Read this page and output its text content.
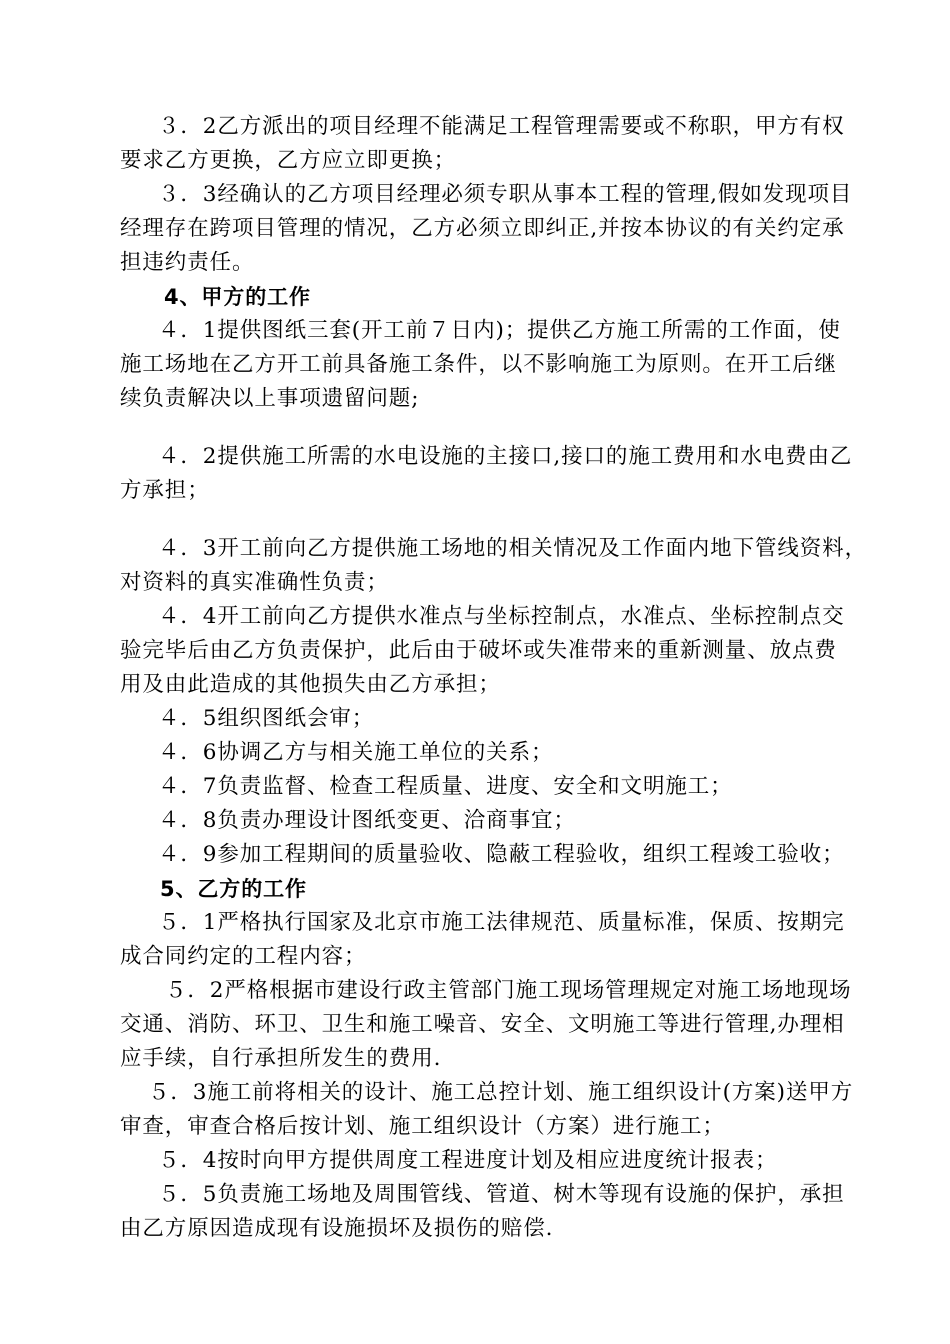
３．2乙方派出的项目经理不能满足工程管理需要或不称职，甲方有权
要求乙方更换，乙方应立即更换；
３．3经确认的乙方项目经理必须专职从事本工程的管理,假如发现项目
经理存在跨项目管理的情况，乙方必须立即纠正,并按本协议的有关约定承
担违约责任。
4、甲方的工作
４．1提供图纸三套(开工前７日内)；提供乙方施工所需的工作面，使
施工场地在乙方开工前具备施工条件，以不影响施工为原则。在开工后继
续负责解决以上事项遗留问题;
４．2提供施工所需的水电设施的主接口,接口的施工费用和水电费由乙
方承担；
４．3开工前向乙方提供施工场地的相关情况及工作面内地下管线资料，
对资料的真实准确性负责；
４．4开工前向乙方提供水准点与坐标控制点，水准点、坐标控制点交
验完毕后由乙方负责保护，此后由于破坏或失准带来的重新测量、放点费
用及由此造成的其他损失由乙方承担；
４．5组织图纸会审；
４．6协调乙方与相关施工单位的关系；
４．7负责监督、检查工程质量、进度、安全和文明施工；
４．8负责办理设计图纸变更、洽商事宜；
４．9参加工程期间的质量验收、隐蔽工程验收，组织工程竣工验收；
5、乙方的工作
５．1严格执行国家及北京市施工法律规范、质量标准，保质、按期完
成合同约定的工程内容；
５．2严格根据市建设行政主管部门施工现场管理规定对施工场地现场
交通、消防、环卫、卫生和施工噪音、安全、文明施工等进行管理,办理相
应手续，自行承担所发生的费用.
５．3施工前将相关的设计、施工总控计划、施工组织设计(方案)送甲方
审查，审查合格后按计划、施工组织设计（方案）进行施工；
５．4按时向甲方提供周度工程进度计划及相应进度统计报表；
５．5负责施工场地及周围管线、管道、树木等现有设施的保护，承担
由乙方原因造成现有设施损坏及损伤的赔偿.
